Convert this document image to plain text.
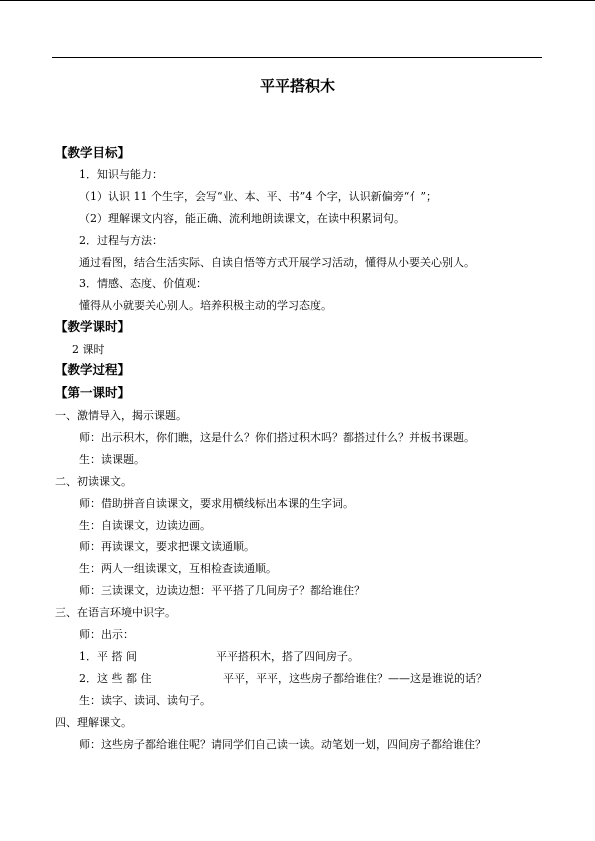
平平搭积木
【教学目标】
1．知识与能力：
（1）认识 11 个生字，会写“业、本、平、书”4 个字，认识新偏旁“亻”；
（2）理解课文内容，能正确、流利地朗读课文，在读中积累词句。
2．过程与方法：
通过看图，结合生活实际、自读自悟等方式开展学习活动，懂得从小要关心别人。
3．情感、态度、价值观：
懂得从小就要关心别人。培养积极主动的学习态度。
【教学课时】
2 课时
【教学过程】
【第一课时】
一、激情导入，揭示课题。
师：出示积木，你们瞧，这是什么？你们搭过积木吗？都搭过什么？并板书课题。
生：读课题。
二、初读课文。
师：借助拼音自读课文，要求用横线标出本课的生字词。
生：自读课文，边读边画。
师：再读课文，要求把课文读通顺。
生：两人一组读课文，互相检查读通顺。
师：三读课文，边读边想：平平搭了几间房子？都给谁住？
三、在语言环境中识字。
师：出示：
1．平 搭 间	平平搭积木，搭了四间房子。
2．这 些 都 住	平平，平平，这些房子都给谁住？——这是谁说的话？
生：读字、读词、读句子。
四、理解课文。
师：这些房子都给谁住呢？请同学们自己读一读。动笔划一划，四间房子都给谁住？
